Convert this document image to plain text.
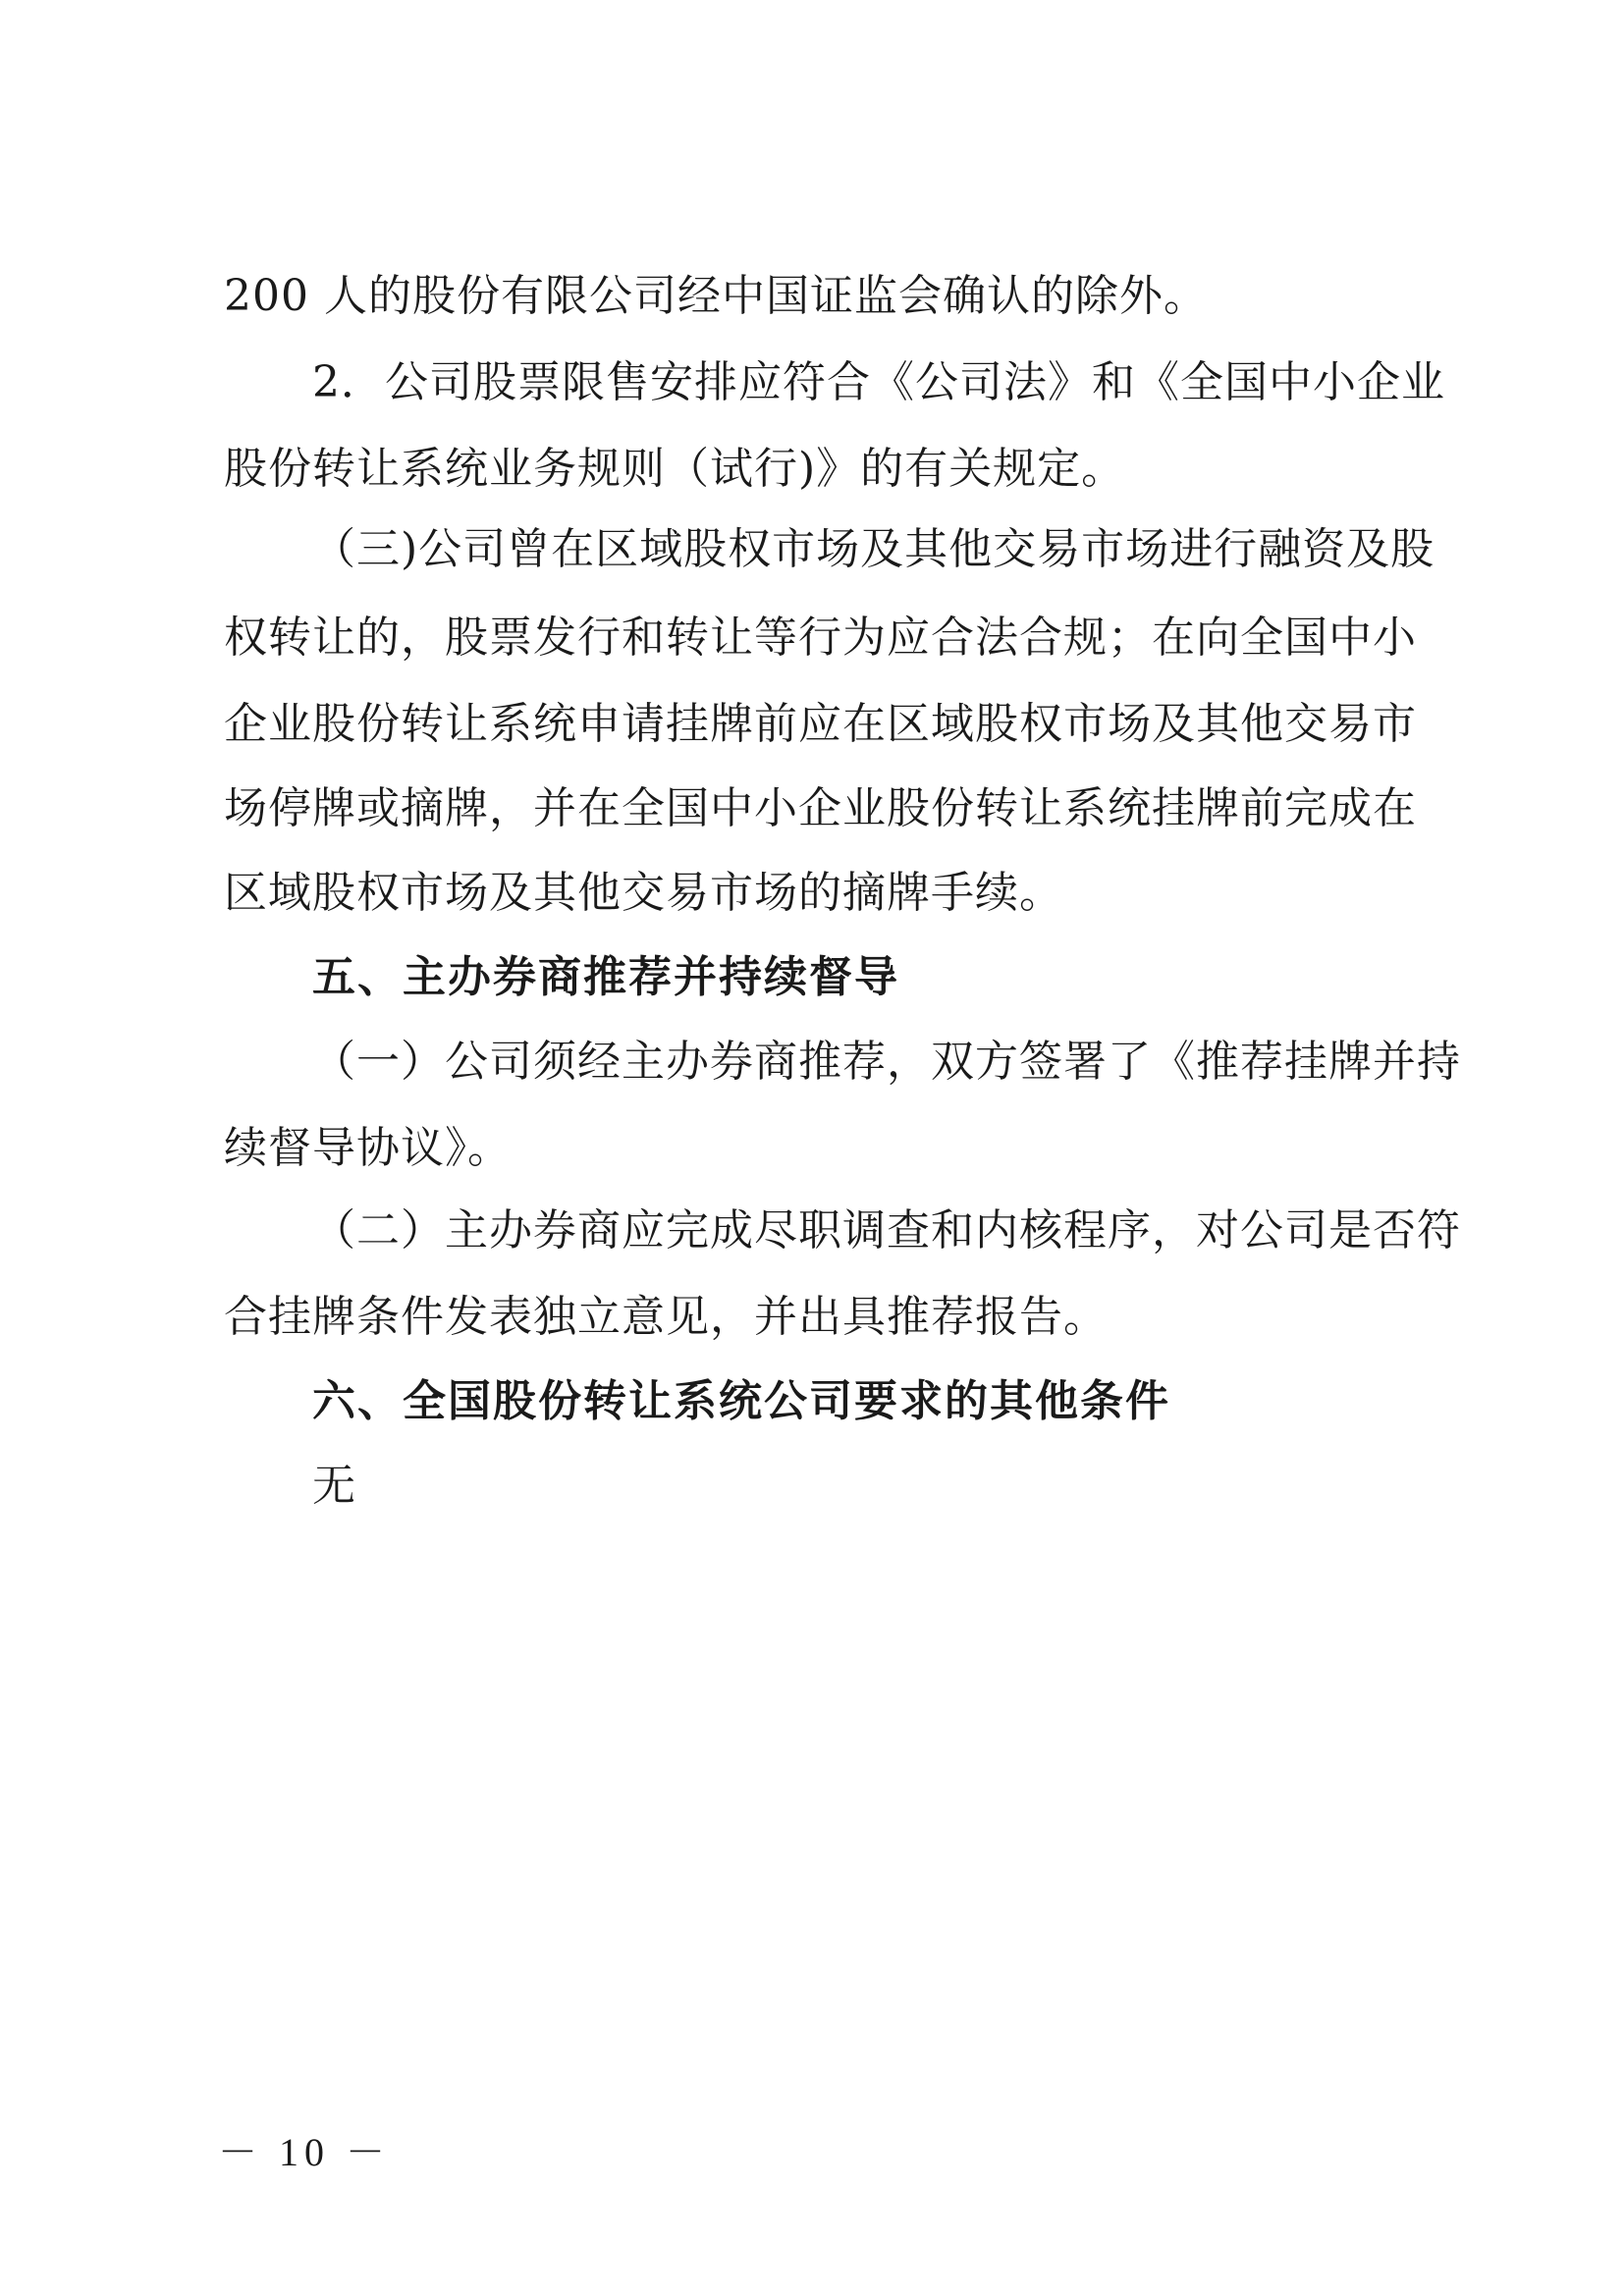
200 人的股份有限公司经中国证监会确认的除外。
2．公司股票限售安排应符合《公司法》和《全国中小企业
股份转让系统业务规则（试行)》的有关规定。
（三)公司曾在区域股权市场及其他交易市场进行融资及股
权转让的，股票发行和转让等行为应合法合规；在向全国中小
企业股份转让系统申请挂牌前应在区域股权市场及其他交易市
场停牌或摘牌，并在全国中小企业股份转让系统挂牌前完成在
区域股权市场及其他交易市场的摘牌手续。
五、主办券商推荐并持续督导
（一）公司须经主办券商推荐，双方签署了《推荐挂牌并持
续督导协议》。
（二）主办券商应完成尽职调查和内核程序，对公司是否符
合挂牌条件发表独立意见，并出具推荐报告。
六、全国股份转让系统公司要求的其他条件
无
－ 10 －
